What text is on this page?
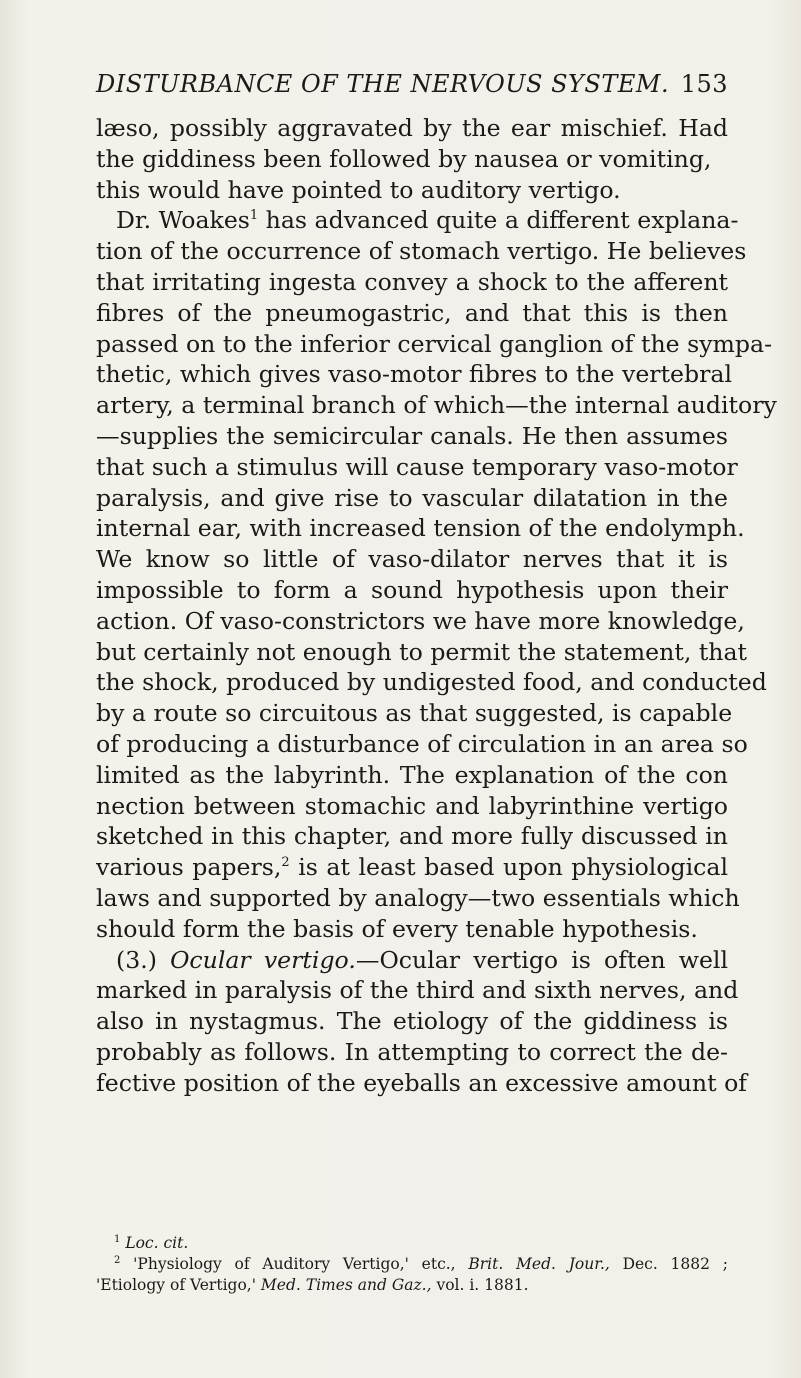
DISTURBANCE OF THE NERVOUS SYSTEM. 153
læso, possibly aggravated by the ear mischief. Had
the giddiness been followed by nausea or vomiting,
this would have pointed to auditory vertigo.
Dr. Woakes$^1$ has advanced quite a different explana-
tion of the occurrence of stomach vertigo. He believes
that irritating ingesta convey a shock to the afferent
fibres of the pneumogastric, and that this is then
passed on to the inferior cervical ganglion of the sympa-
thetic, which gives vaso-motor fibres to the vertebral
artery, a terminal branch of which—the internal auditory
—supplies the semicircular canals. He then assumes
that such a stimulus will cause temporary vaso-motor
paralysis, and give rise to vascular dilatation in the
internal ear, with increased tension of the endolymph.
We know so little of vaso-dilator nerves that it is
impossible to form a sound hypothesis upon their
action. Of vaso-constrictors we have more knowledge,
but certainly not enough to permit the statement, that
the shock, produced by undigested food, and conducted
by a route so circuitous as that suggested, is capable
of producing a disturbance of circulation in an area so
limited as the labyrinth. The explanation of the con
nection between stomachic and labyrinthine vertigo
sketched in this chapter, and more fully discussed in
various papers,$^2$ is at least based upon physiological
laws and supported by analogy—two essentials which
should form the basis of every tenable hypothesis.
(3.) Ocular vertigo.—Ocular vertigo is often well
marked in paralysis of the third and sixth nerves, and
also in nystagmus. The etiology of the giddiness is
probably as follows. In attempting to correct the de-
fective position of the eyeballs an excessive amount of
$^1$ Loc. cit.
$^2$ 'Physiology of Auditory Vertigo,' etc., Brit. Med. Jour., Dec. 1882 ;
'Etiology of Vertigo,' Med. Times and Gaz., vol. i. 1881.
